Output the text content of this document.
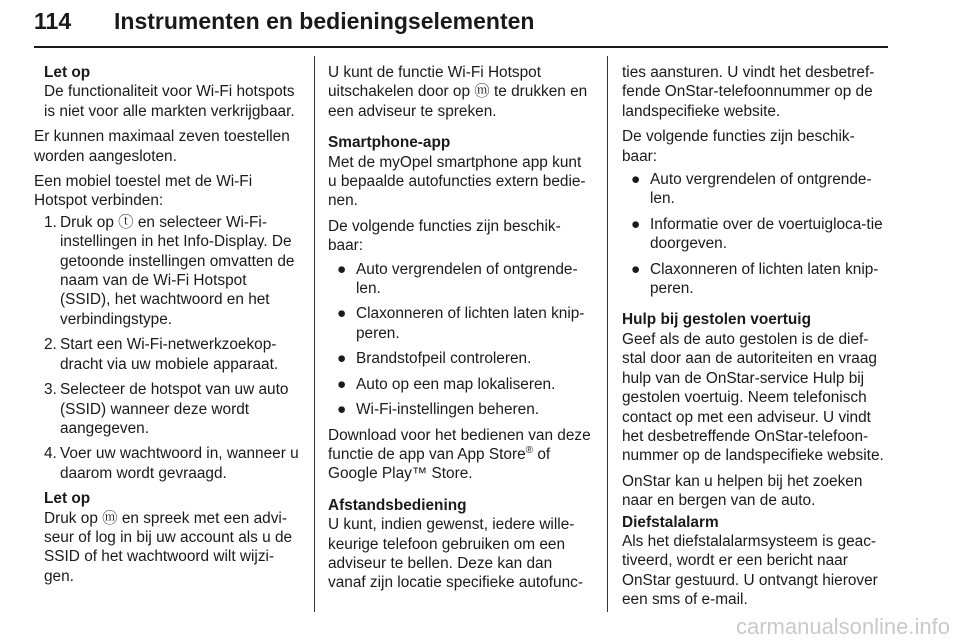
114 Instrumenten en bedieningselementen
Let op
De functionaliteit voor Wi-Fi hotspots is niet voor alle markten verkrijgbaar.

Er kunnen maximaal zeven toestellen worden aangesloten.

Een mobiel toestel met de Wi-Fi Hotspot verbinden:

1. Druk op ⓣ en selecteer Wi-Fi-instellingen in het Info-Display. De getoonde instellingen omvatten de naam van de Wi-Fi Hotspot (SSID), het wachtwoord en het verbindingstype.
2. Start een Wi-Fi-netwerkzoekop-dracht via uw mobiele apparaat.
3. Selecteer de hotspot van uw auto (SSID) wanneer deze wordt aangegeven.
4. Voer uw wachtwoord in, wanneer u daarom wordt gevraagd.
Let op
Druk op ⓜ en spreek met een advi-seur of log in bij uw account als u de SSID of het wachtwoord wilt wijzi-gen.

U kunt de functie Wi-Fi Hotspot uitschakelen door op ⓜ te drukken en een adviseur te spreken.

Smartphone-app
Met de myOpel smartphone app kunt u bepaalde autofuncties extern bedie-nen.

De volgende functies zijn beschik-baar:

● Auto vergrendelen of ontgrende-len.
● Claxonneren of lichten laten knip-peren.
● Brandstofpeil controleren.
● Auto op een map lokaliseren.
● Wi-Fi-instellingen beheren.

Download voor het bedienen van deze functie de app van App Store® of Google Play™ Store.

Afstandsbediening
U kunt, indien gewenst, iedere wille-keurige telefoon gebruiken om een adviseur te bellen. Deze kan dan vanaf zijn locatie specifieke autofunc-

ties aansturen. U vindt het desbetref-fende OnStar-telefoonnummer op de landspecifieke website.

De volgende functies zijn beschik-baar:

● Auto vergrendelen of ontgrende-len.
● Informatie over de voertuigloca-tie doorgeven.
● Claxonneren of lichten laten knip-peren.

Hulp bij gestolen voertuig
Geef als de auto gestolen is de dief-stal door aan de autoriteiten en vraag hulp van de OnStar-service Hulp bij gestolen voertuig. Neem telefonisch contact op met een adviseur. U vindt het desbetreffende OnStar-telefoon-nummer op de landspecifieke website.

OnStar kan u helpen bij het zoeken naar en bergen van de auto.

Diefstalalarm
Als het diefstalalarmsysteem is geac-tiveerd, wordt er een bericht naar OnStar gestuurd. U ontvangt hierover een sms of e-mail.

carmanualsonline.info
